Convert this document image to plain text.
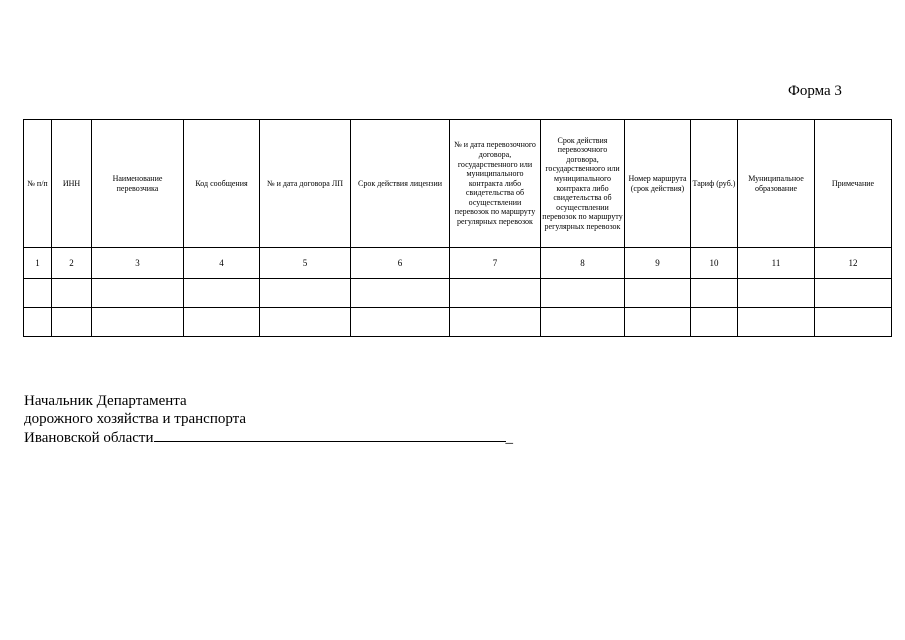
Форма 3
№ п/п	ИНН	Наименование перевозчика	Код сообщения	№ и дата договора ЛП	Срок действия лицензии	№ и дата перевозочного договора, государственного или муниципального контракта либо свидетельства об осуществлении перевозок по маршруту регулярных перевозок	Срок действия перевозочного договора, государственного или муниципального контракта либо свидетельства об осуществлении перевозок по маршруту регулярных перевозок	Номер маршрута (срок действия)	Тариф (руб.)	Муниципальное образование	Примечание
1	2	3	4	5	6	7	8	9	10	11	12

Начальник Департамента
дорожного хозяйства и транспорта
Ивановской области	_
